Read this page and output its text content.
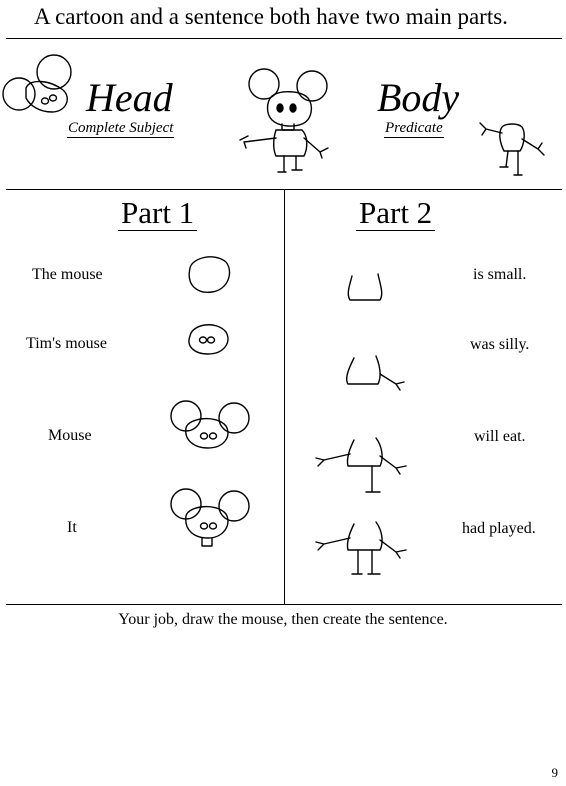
A cartoon and a sentence both have two main parts.
Head
Complete Subject
Body
Predicate
Part 1	Part 2
The mouse	is small.
Tim's mouse	was silly.
Mouse	will eat.
It	had played.
Your job, draw the mouse, then create the sentence.
9
